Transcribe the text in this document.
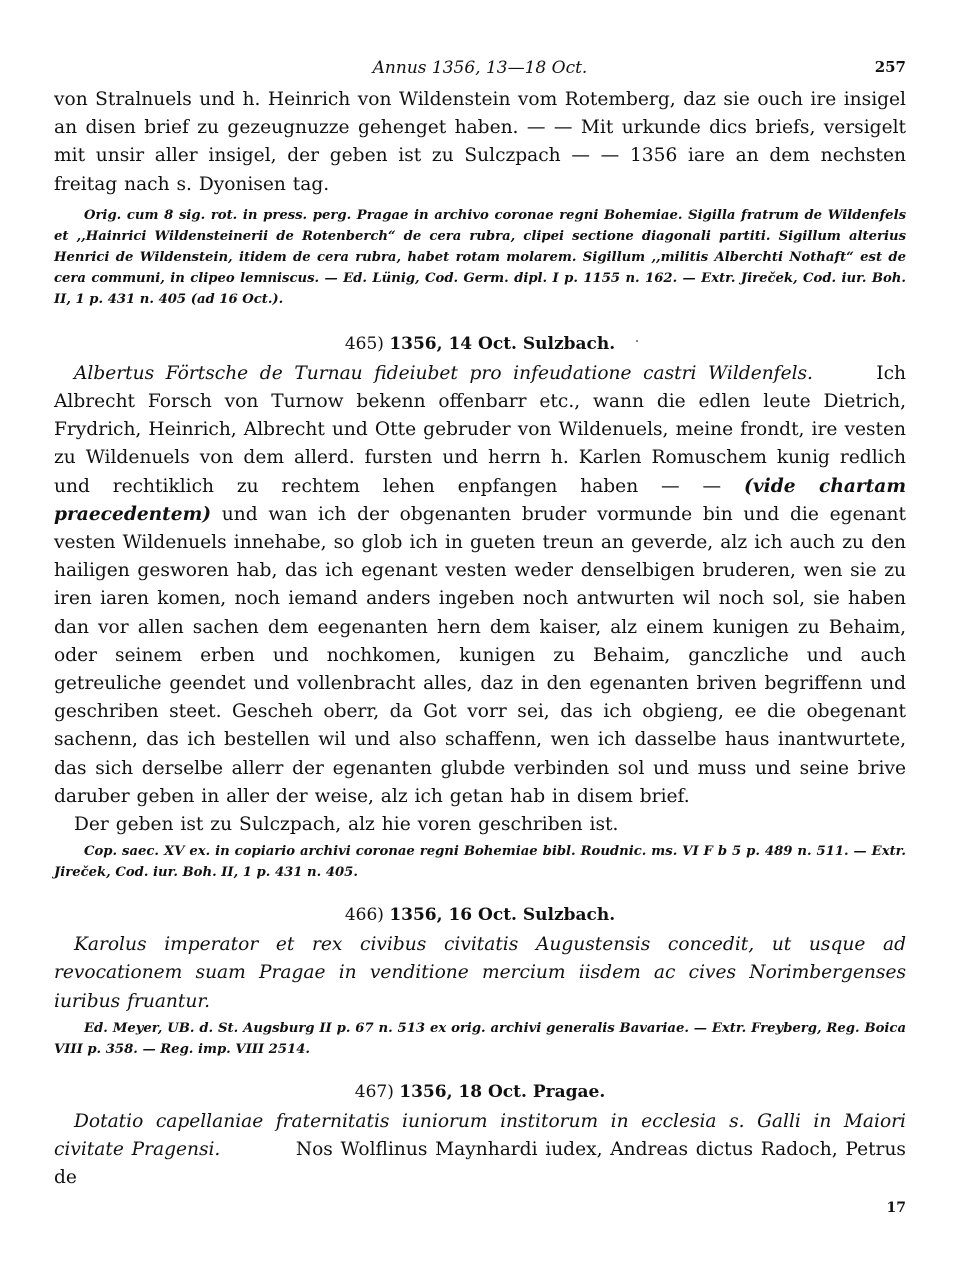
Annus 1356, 13—18 Oct.	257

von Stralnuels und h. Heinrich von Wildenstein vom Rotemberg, daz sie ouch ire insigel an disen brief zu gezeugnuzze gehenget haben. — — Mit urkunde dics briefs, versigelt mit unsir aller insigel, der geben ist zu Sulczpach — — 1356 iare an dem nechsten freitag nach s. Dyonisen tag.

Orig. cum 8 sig. rot. in press. perg. Pragae in archivo coronae regni Bohemiae. Sigilla fratrum de Wildenfels et ,,Hainrici Wildensteinerii de Rotenberch“ de cera rubra, clipei sectione diagonali partiti. Sigillum alterius Henrici de Wildenstein, itidem de cera rubra, habet rotam molarem. Sigillum ,,militis Alberchti Nothaft“ est de cera communi, in clipeo lemniscus. — Ed. Lünig, Cod. Germ. dipl. I p. 1155 n. 162. — Extr. Jireček, Cod. iur. Boh. II, 1 p. 431 n. 405 (ad 16 Oct.).

465) 1356, 14 Oct. Sulzbach.

Albertus Förtsche de Turnau fideiubet pro infeudatione castri Wildenfels.	Ich Albrecht Forsch von Turnow bekenn offenbarr etc., wann die edlen leute Dietrich, Frydrich, Heinrich, Albrecht und Otte gebruder von Wildenuels, meine frondt, ire vesten zu Wildenuels von dem allerd. fursten und herrn h. Karlen Romuschem kunig redlich und rechtiklich zu rechtem lehen enpfangen haben — — (vide chartam praecedentem) und wan ich der obgenanten bruder vormunde bin und die egenant vesten Wildenuels innehabe, so glob ich in gueten treun an geverde, alz ich auch zu den hailigen gesworen hab, das ich egenant vesten weder denselbigen bruderen, wen sie zu iren iaren komen, noch iemand anders ingeben noch antwurten wil noch sol, sie haben dan vor allen sachen dem eegenanten hern dem kaiser, alz einem kunigen zu Behaim, oder seinem erben und nochkomen, kunigen zu Behaim, ganczliche und auch getreuliche geendet und vollenbracht alles, daz in den egenanten briven begriffenn und geschriben steet. Gescheh oberr, da Got vorr sei, das ich obgieng, ee die obegenant sachenn, das ich bestellen wil und also schaffenn, wen ich dasselbe haus inantwurtete, das sich derselbe allerr der egenanten glubde verbinden sol und muss und seine brive daruber geben in aller der weise, alz ich getan hab in disem brief.

Der geben ist zu Sulczpach, alz hie voren geschriben ist.

Cop. saec. XV ex. in copiario archivi coronae regni Bohemiae bibl. Roudnic. ms. VI F b 5 p. 489 n. 511. — Extr. Jireček, Cod. iur. Boh. II, 1 p. 431 n. 405.

466) 1356, 16 Oct. Sulzbach.

Karolus imperator et rex civibus civitatis Augustensis concedit, ut usque ad revocationem suam Pragae in venditione mercium iisdem ac cives Norimbergenses iuribus fruantur.

Ed. Meyer, UB. d. St. Augsburg II p. 67 n. 513 ex orig. archivi generalis Bavariae. — Extr. Freyberg, Reg. Boica VIII p. 358. — Reg. imp. VIII 2514.

467) 1356, 18 Oct. Pragae.

Dotatio capellaniae fraternitatis iuniorum institorum in ecclesia s. Galli in Maiori civitate Pragensi.	Nos Wolflinus Maynhardi iudex, Andreas dictus Radoch, Petrus de

17
